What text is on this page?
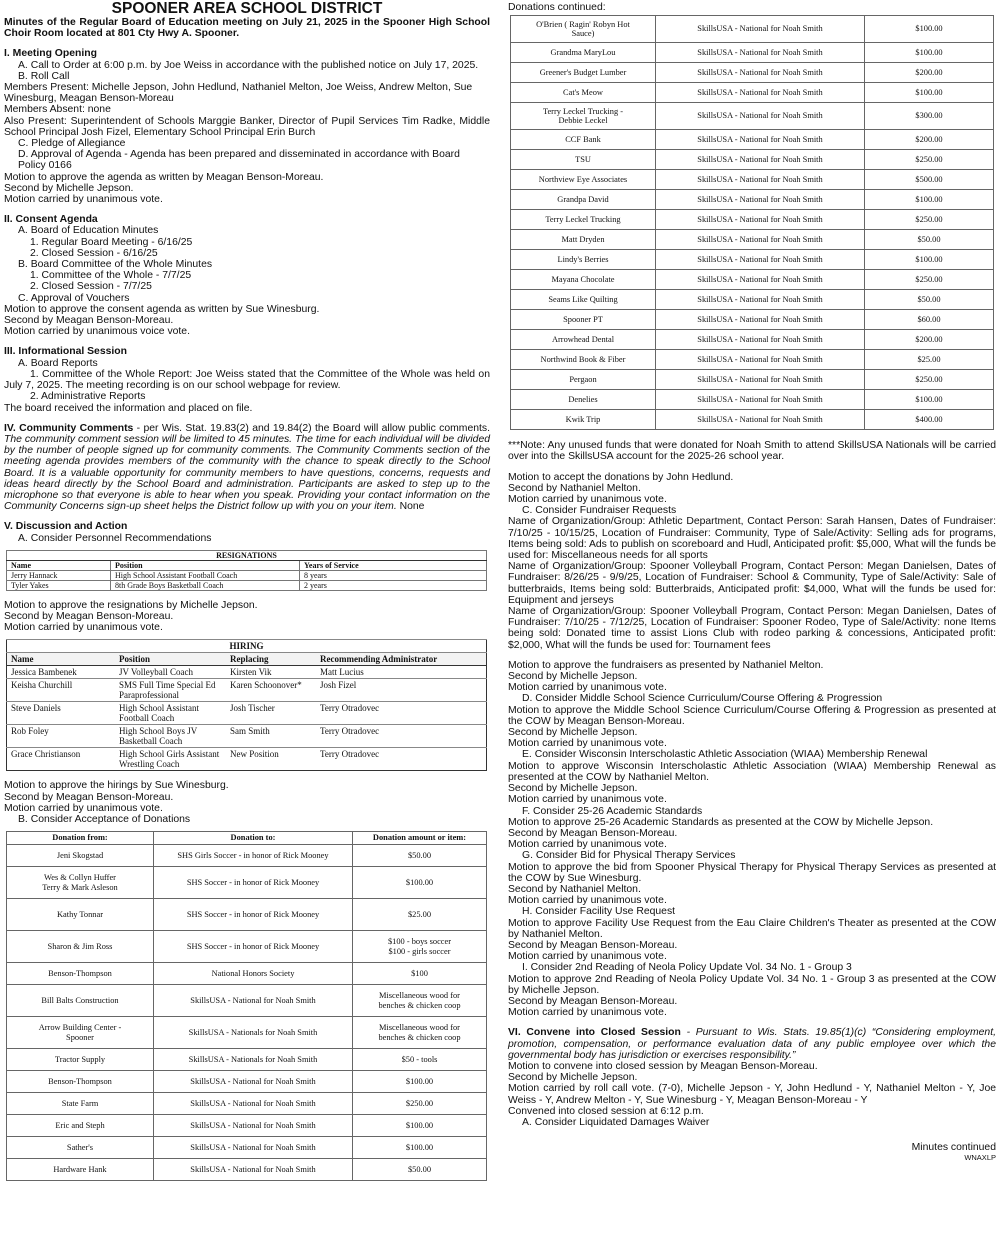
SPOONER AREA SCHOOL DISTRICT

Minutes of the Regular Board of Education meeting on July 21, 2025 in the Spooner High School Choir Room located at 801 Cty Hwy A. Spooner.

I. Meeting Opening

A. Call to Order at 6:00 p.m. by Joe Weiss in accordance with the published notice on July 17, 2025.

B. Roll Call

Members Present: Michelle Jepson, John Hedlund, Nathaniel Melton, Joe Weiss, Andrew Melton, Sue Winesburg, Meagan Benson-Moreau

Members Absent: none

Also Present: Superintendent of Schools Marggie Banker, Director of Pupil Services Tim Radke, Middle School Principal Josh Fizel, Elementary School Principal Erin Burch

C. Pledge of Allegiance

D. Approval of Agenda - Agenda has been prepared and disseminated in accordance with Board Policy 0166

Motion to approve the agenda as written by Meagan Benson-Moreau.

Second by Michelle Jepson.

Motion carried by unanimous vote.

II. Consent Agenda

A. Board of Education Minutes

1. Regular Board Meeting - 6/16/25

2. Closed Session - 6/16/25

B. Board Committee of the Whole Minutes

1. Committee of the Whole - 7/7/25

2. Closed Session - 7/7/25

C. Approval of Vouchers

Motion to approve the consent agenda as written by Sue Winesburg.

Second by Meagan Benson-Moreau.

Motion carried by unanimous voice vote.

III. Informational Session

A. Board Reports

1. Committee of the Whole Report: Joe Weiss stated that the Committee of the Whole was held on July 7, 2025. The meeting recording is on our school webpage for review.

2. Administrative Reports

The board received the information and placed on file.

IV. Community Comments - per Wis. Stat. 19.83(2) and 19.84(2) the Board will allow public comments. The community comment session will be limited to 45 minutes. The time for each individual will be divided by the number of people signed up for community comments. The Community Comments section of the meeting agenda provides members of the community with the chance to speak directly to the School Board. It is a valuable opportunity for community members to have questions, concerns, requests and ideas heard directly by the School Board and administration. Participants are asked to step up to the microphone so that everyone is able to hear when you speak. Providing your contact information on the Community Concerns sign-up sheet helps the District follow up with you on your item. None

V. Discussion and Action

A. Consider Personnel Recommendations

RESIGNATIONS		
Name	Position	Years of Service
Jerry Hannack	High School Assistant Football Coach	8 years
Tyler Yakes	8th Grade Boys Basketball Coach	2 years

Motion to approve the resignations by Michelle Jepson.

Second by Meagan Benson-Moreau.

Motion carried by unanimous vote.

HIRING			
Name	Position	Replacing	Recommending Administrator
Jessica Bambenek	JV Volleyball Coach	Kirsten Vik	Matt Lucius
Keisha Churchill	SMS Full Time Special Ed Paraprofessional	Karen Schoonover*	Josh Fizel
Steve Daniels	High School Assistant Football Coach	Josh Tischer	Terry Otradovec
Rob Foley	High School Boys JV Basketball Coach	Sam Smith	Terry Otradovec
Grace Christianson	High School Girls Assistant Wrestling Coach	New Position	Terry Otradovec

Motion to approve the hirings by Sue Winesburg.

Second by Meagan Benson-Moreau.

Motion carried by unanimous vote.

B. Consider Acceptance of Donations

Donation from:	Donation to:	Donation amount or item:
Jeni Skogstad	SHS Girls Soccer - in honor of Rick Mooney	$50.00
Wes & Collyn Huffer
Terry & Mark Asleson	SHS Soccer - in honor of Rick Mooney	$100.00
Kathy Tonnar	SHS Soccer - in honor of Rick Mooney	$25.00
Sharon & Jim Ross	SHS Soccer - in honor of Rick Mooney	$100 - boys soccer
$100 - girls soccer
Benson-Thompson	National Honors Society	$100
Bill Balts Construction	SkillsUSA - National for Noah Smith	Miscellaneous wood for
benches & chicken coop
Arrow Building Center -
Spooner	SkillsUSA - Nationals for Noah Smith	Miscellaneous wood for
benches & chicken coop
Tractor Supply	SkillsUSA - Nationals for Noah Smith	$50 - tools
Benson-Thompson	SkillsUSA - National for Noah Smith	$100.00
State Farm	SkillsUSA - National for Noah Smith	$250.00
Eric and Steph	SkillsUSA - National for Noah Smith	$100.00
Sather's	SkillsUSA - National for Noah Smith	$100.00
Hardware Hank	SkillsUSA - National for Noah Smith	$50.00

Donations continued:

O'Brien ( Ragin' Robyn Hot
Sauce)	SkillsUSA - National for Noah Smith	$100.00
Grandma MaryLou	SkillsUSA - National for Noah Smith	$100.00
Greener's Budget Lumber	SkillsUSA - National for Noah Smith	$200.00
Cat's Meow	SkillsUSA - National for Noah Smith	$100.00
Terry Leckel Trucking -
Debbie Leckel	SkillsUSA - National for Noah Smith	$300.00
CCF Bank	SkillsUSA - National for Noah Smith	$200.00
TSU	SkillsUSA - National for Noah Smith	$250.00
Northview Eye Associates	SkillsUSA - National for Noah Smith	$500.00
Grandpa David	SkillsUSA - National for Noah Smith	$100.00
Terry Leckel Trucking	SkillsUSA - National for Noah Smith	$250.00
Matt Dryden	SkillsUSA - National for Noah Smith	$50.00
Lindy's Berries	SkillsUSA - National for Noah Smith	$100.00
Mayana Chocolate	SkillsUSA - National for Noah Smith	$250.00
Seams Like Quilting	SkillsUSA - National for Noah Smith	$50.00
Spooner PT	SkillsUSA - National for Noah Smith	$60.00
Arrowhead Dental	SkillsUSA - National for Noah Smith	$200.00
Northwind Book & Fiber	SkillsUSA - National for Noah Smith	$25.00
Pergaon	SkillsUSA - National for Noah Smith	$250.00
Denelies	SkillsUSA - National for Noah Smith	$100.00
Kwik Trip	SkillsUSA - National for Noah Smith	$400.00

***Note: Any unused funds that were donated for Noah Smith to attend SkillsUSA Nationals will be carried over into the SkillsUSA account for the 2025-26 school year.

Motion to accept the donations by John Hedlund.

Second by Nathaniel Melton.

Motion carried by unanimous vote.

C. Consider Fundraiser Requests

Name of Organization/Group: Athletic Department, Contact Person: Sarah Hansen, Dates of Fundraiser: 7/10/25 - 10/15/25, Location of Fundraiser: Community, Type of Sale/Activity: Selling ads for programs, Items being sold: Ads to publish on scoreboard and Hudl, Anticipated profit: $5,000, What will the funds be used for: Miscellaneous needs for all sports

Name of Organization/Group: Spooner Volleyball Program, Contact Person: Megan Danielsen, Dates of Fundraiser: 8/26/25 - 9/9/25, Location of Fundraiser: School & Community, Type of Sale/Activity: Sale of butterbraids, Items being sold: Butterbraids, Anticipated profit: $4,000, What will the funds be used for: Equipment and jerseys

Name of Organization/Group: Spooner Volleyball Program, Contact Person: Megan Danielsen, Dates of Fundraiser: 7/10/25 - 7/12/25, Location of Fundraiser: Spooner Rodeo, Type of Sale/Activity: none Items being sold: Donated time to assist Lions Club with rodeo parking & concessions, Anticipated profit: $2,000, What will the funds be used for: Tournament fees

Motion to approve the fundraisers as presented by Nathaniel Melton.

Second by Michelle Jepson.

Motion carried by unanimous vote.

D. Consider Middle School Science Curriculum/Course Offering & Progression

Motion to approve the Middle School Science Curriculum/Course Offering & Progression as presented at the COW by Meagan Benson-Moreau.

Second by Michelle Jepson.

Motion carried by unanimous vote.

E. Consider Wisconsin Interscholastic Athletic Association (WIAA) Membership Renewal

Motion to approve Wisconsin Interscholastic Athletic Association (WIAA) Membership Renewal as presented at the COW by Nathaniel Melton.

Second by Michelle Jepson.

Motion carried by unanimous vote.

F. Consider 25-26 Academic Standards

Motion to approve 25-26 Academic Standards as presented at the COW by Michelle Jepson.

Second by Meagan Benson-Moreau.

Motion carried by unanimous vote.

G. Consider Bid for Physical Therapy Services

Motion to approve the bid from Spooner Physical Therapy for Physical Therapy Services as presented at the COW by Sue Winesburg.

Second by Nathaniel Melton.

Motion carried by unanimous vote.

H. Consider Facility Use Request

Motion to approve Facility Use Request from the Eau Claire Children's Theater as presented at the COW by Nathaniel Melton.

Second by Meagan Benson-Moreau.

Motion carried by unanimous vote.

I. Consider 2nd Reading of Neola Policy Update Vol. 34 No. 1 - Group 3

Motion to approve 2nd Reading of Neola Policy Update Vol. 34 No. 1 - Group 3 as presented at the COW by Michelle Jepson.

Second by Meagan Benson-Moreau.

Motion carried by unanimous vote.

VI. Convene into Closed Session - Pursuant to Wis. Stats. 19.85(1)(c) “Considering employment, promotion, compensation, or performance evaluation data of any public employee over which the governmental body has jurisdiction or exercises responsibility.”

Motion to convene into closed session by Meagan Benson-Moreau.

Second by Michelle Jepson.

Motion carried by roll call vote. (7-0), Michelle Jepson - Y, John Hedlund - Y, Nathaniel Melton - Y, Joe Weiss - Y, Andrew Melton - Y, Sue Winesburg - Y, Meagan Benson-Moreau - Y

Convened into closed session at 6:12 p.m.

A. Consider Liquidated Damages Waiver

Minutes continued

WNAXLP
